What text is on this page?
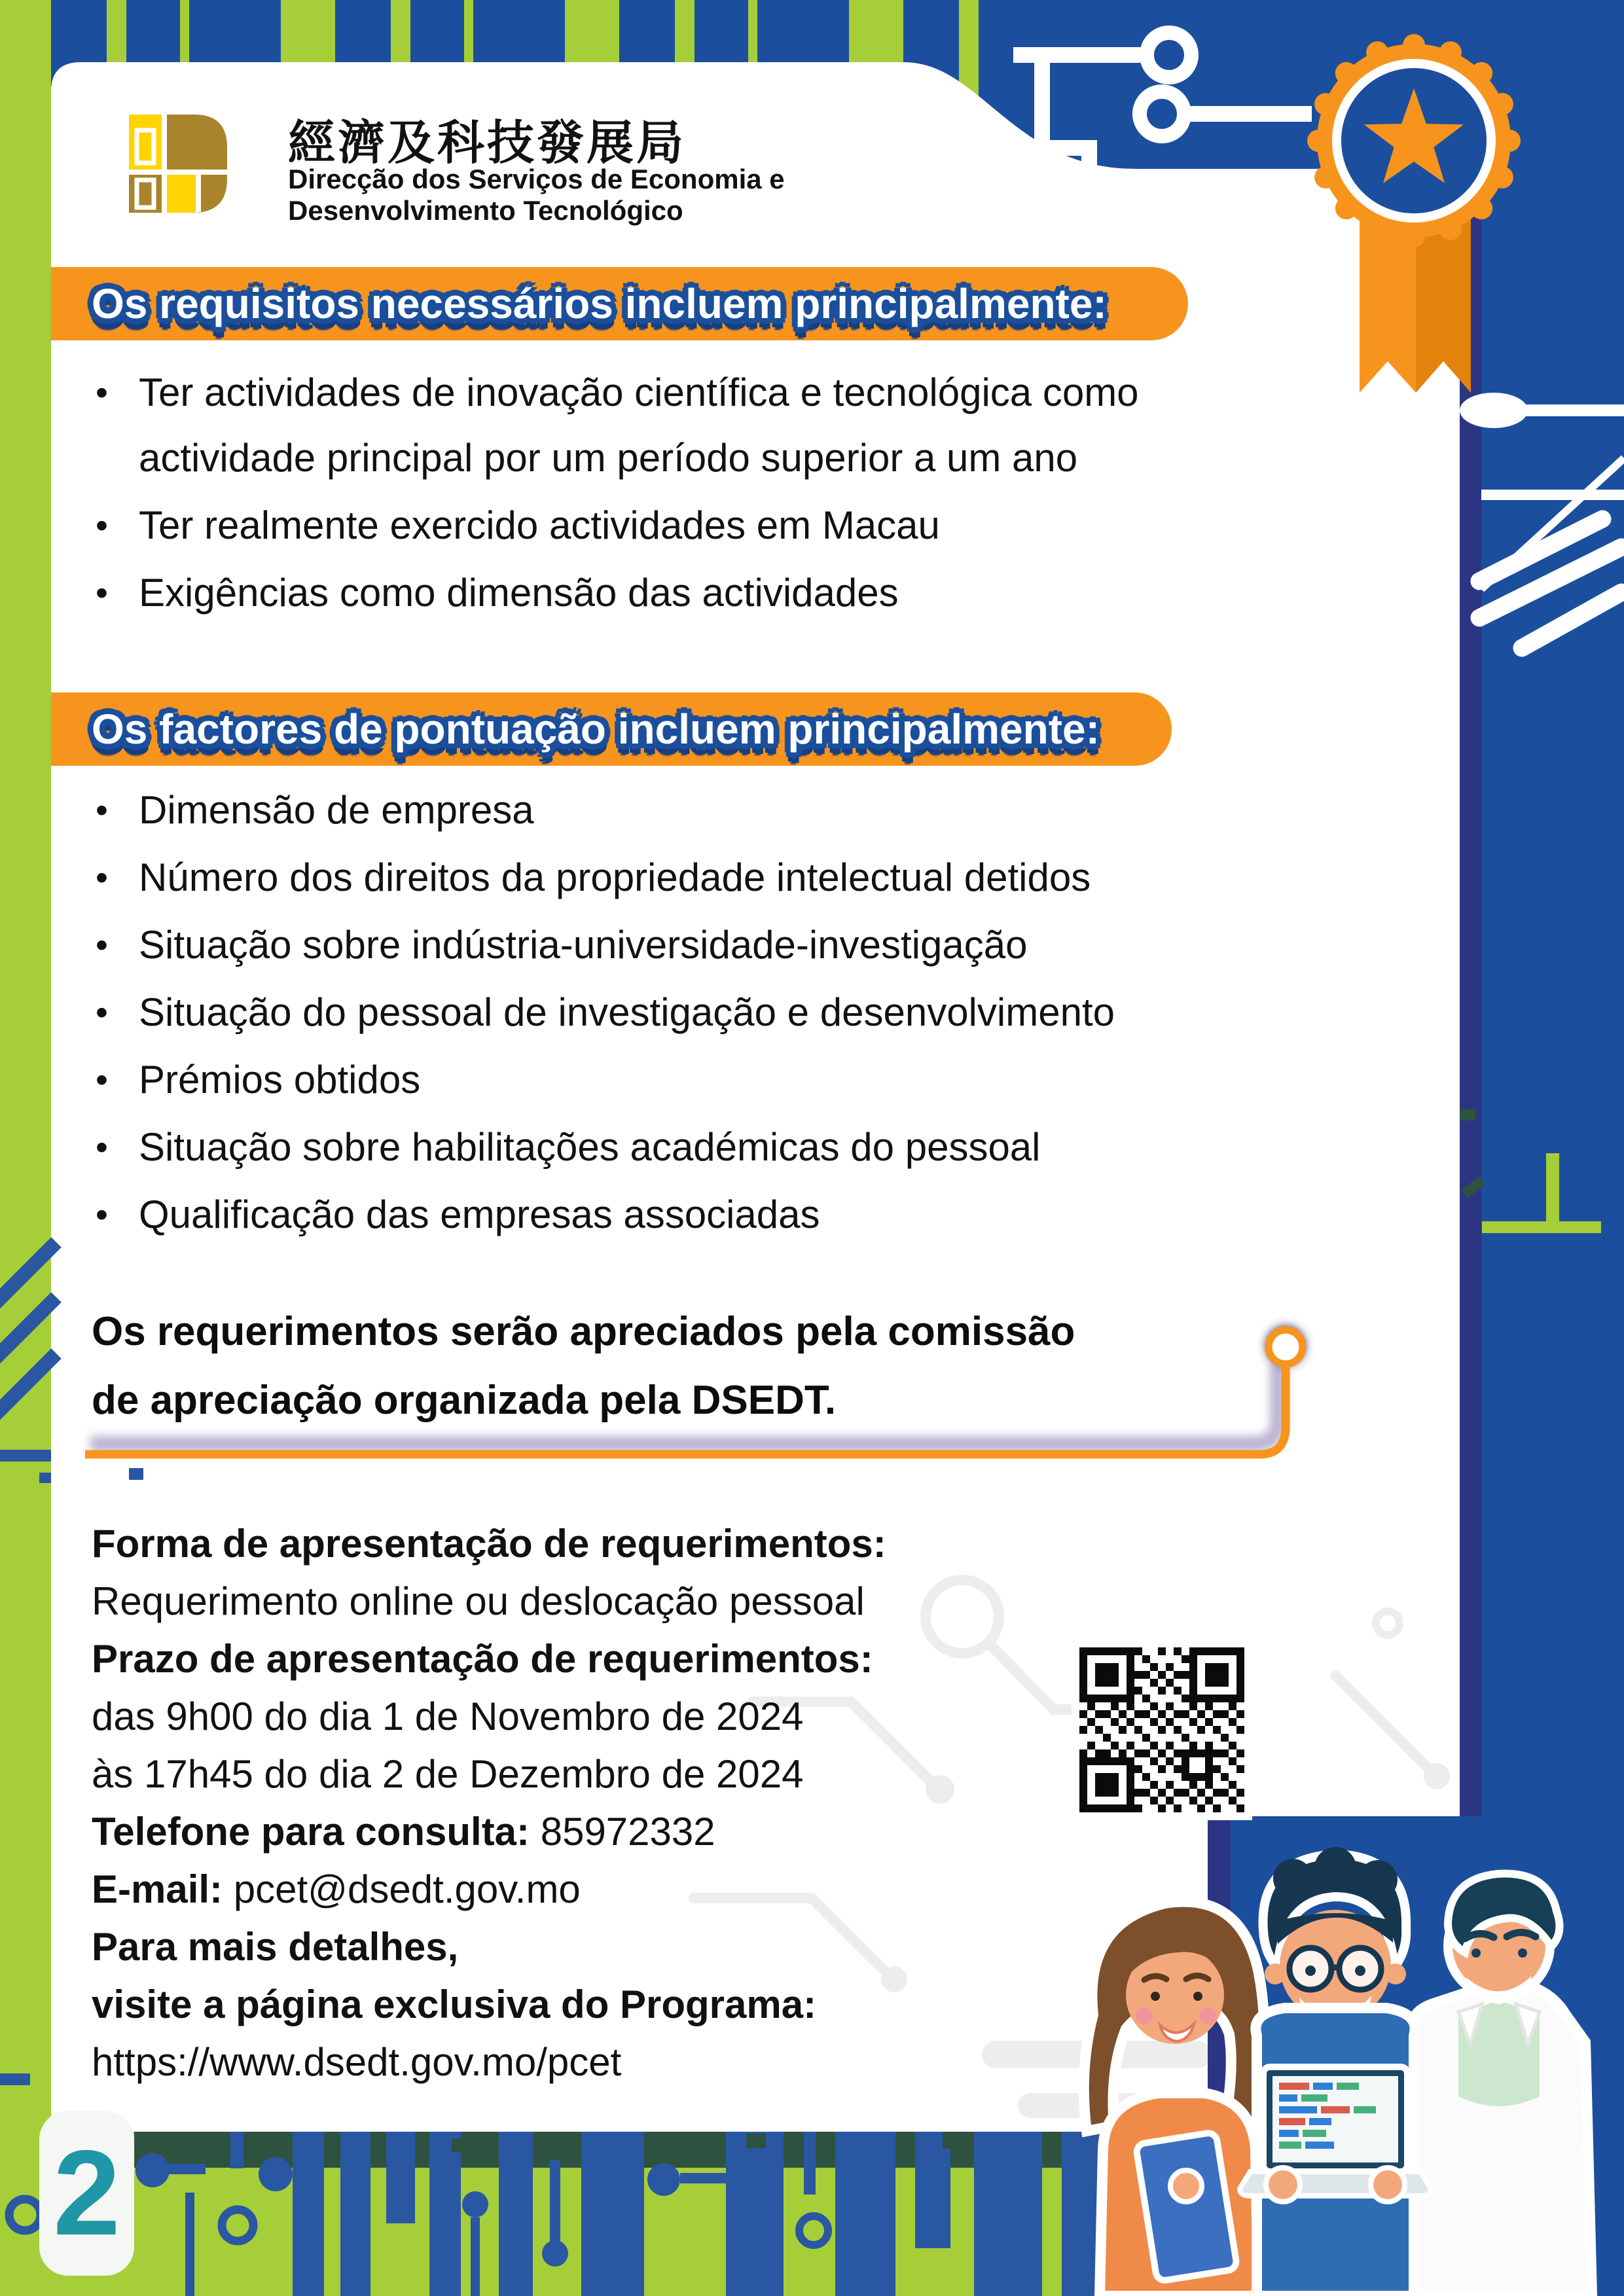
經濟及科技發展局
Direcção dos Serviços de Economia e
Desenvolvimento Tecnológico
Os requisitos necessários incluem principalmente:
• Ter actividades de inovação científica e tecnológica como actividade principal por um período superior a um ano
• Ter realmente exercido actividades em Macau
• Exigências como dimensão das actividades
Os factores de pontuação incluem principalmente:
• Dimensão de empresa
• Número dos direitos da propriedade intelectual detidos
• Situação sobre indústria-universidade-investigação
• Situação do pessoal de investigação e desenvolvimento
• Prémios obtidos
• Situação sobre habilitações académicas do pessoal
• Qualificação das empresas associadas
Os requerimentos serão apreciados pela comissão
de apreciação organizada pela DSEDT.

Forma de apresentação de requerimentos:

Requerimento online ou deslocação pessoal

Prazo de apresentação de requerimentos:

das 9h00 do dia 1 de Novembro de 2024

às 17h45 do dia 2 de Dezembro de 2024

Telefone para consulta: 85972332

E-mail: pcet@dsedt.gov.mo

Para mais detalhes,

visite a página exclusiva do Programa:

https://www.dsedt.gov.mo/pcet

2
